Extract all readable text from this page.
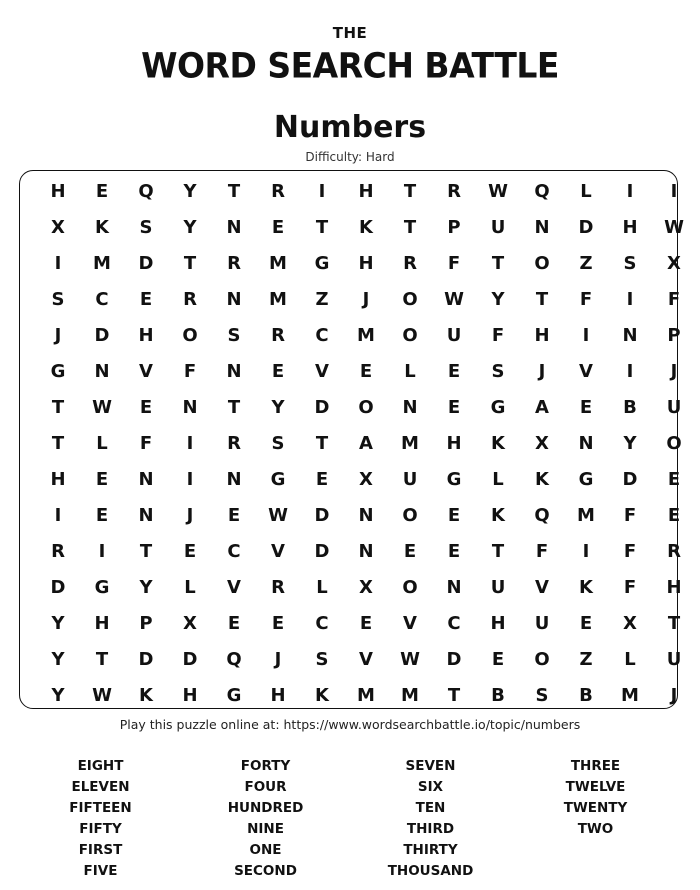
THE
WORD SEARCH BATTLE
Numbers
Difficulty: Hard
H	E	Q	Y	T	R	I	H	T	R	W	Q	L	I	I
X	K	S	Y	N	E	T	K	T	P	U	N	D	H	W
I	M	D	T	R	M	G	H	R	F	T	O	Z	S	X
S	C	E	R	N	M	Z	J	O	W	Y	T	F	I	F
J	D	H	O	S	R	C	M	O	U	F	H	I	N	P
G	N	V	F	N	E	V	E	L	E	S	J	V	I	J
T	W	E	N	T	Y	D	O	N	E	G	A	E	B	U
T	L	F	I	R	S	T	A	M	H	K	X	N	Y	O
H	E	N	I	N	G	E	X	U	G	L	K	G	D	E
I	E	N	J	E	W	D	N	O	E	K	Q	M	F	E
R	I	T	E	C	V	D	N	E	E	T	F	I	F	R
D	G	Y	L	V	R	L	X	O	N	U	V	K	F	H
Y	H	P	X	E	E	C	E	V	C	H	U	E	X	T
Y	T	D	D	Q	J	S	V	W	D	E	O	Z	L	U
Y	W	K	H	G	H	K	M	M	T	B	S	B	M	J
Play this puzzle online at: https://www.wordsearchbattle.io/topic/numbers
EIGHT
ELEVEN
FIFTEEN
FIFTY
FIRST
FIVE
FORTY
FOUR
HUNDRED
NINE
ONE
SECOND
SEVEN
SIX
TEN
THIRD
THIRTY
THOUSAND
THREE
TWELVE
TWENTY
TWO
